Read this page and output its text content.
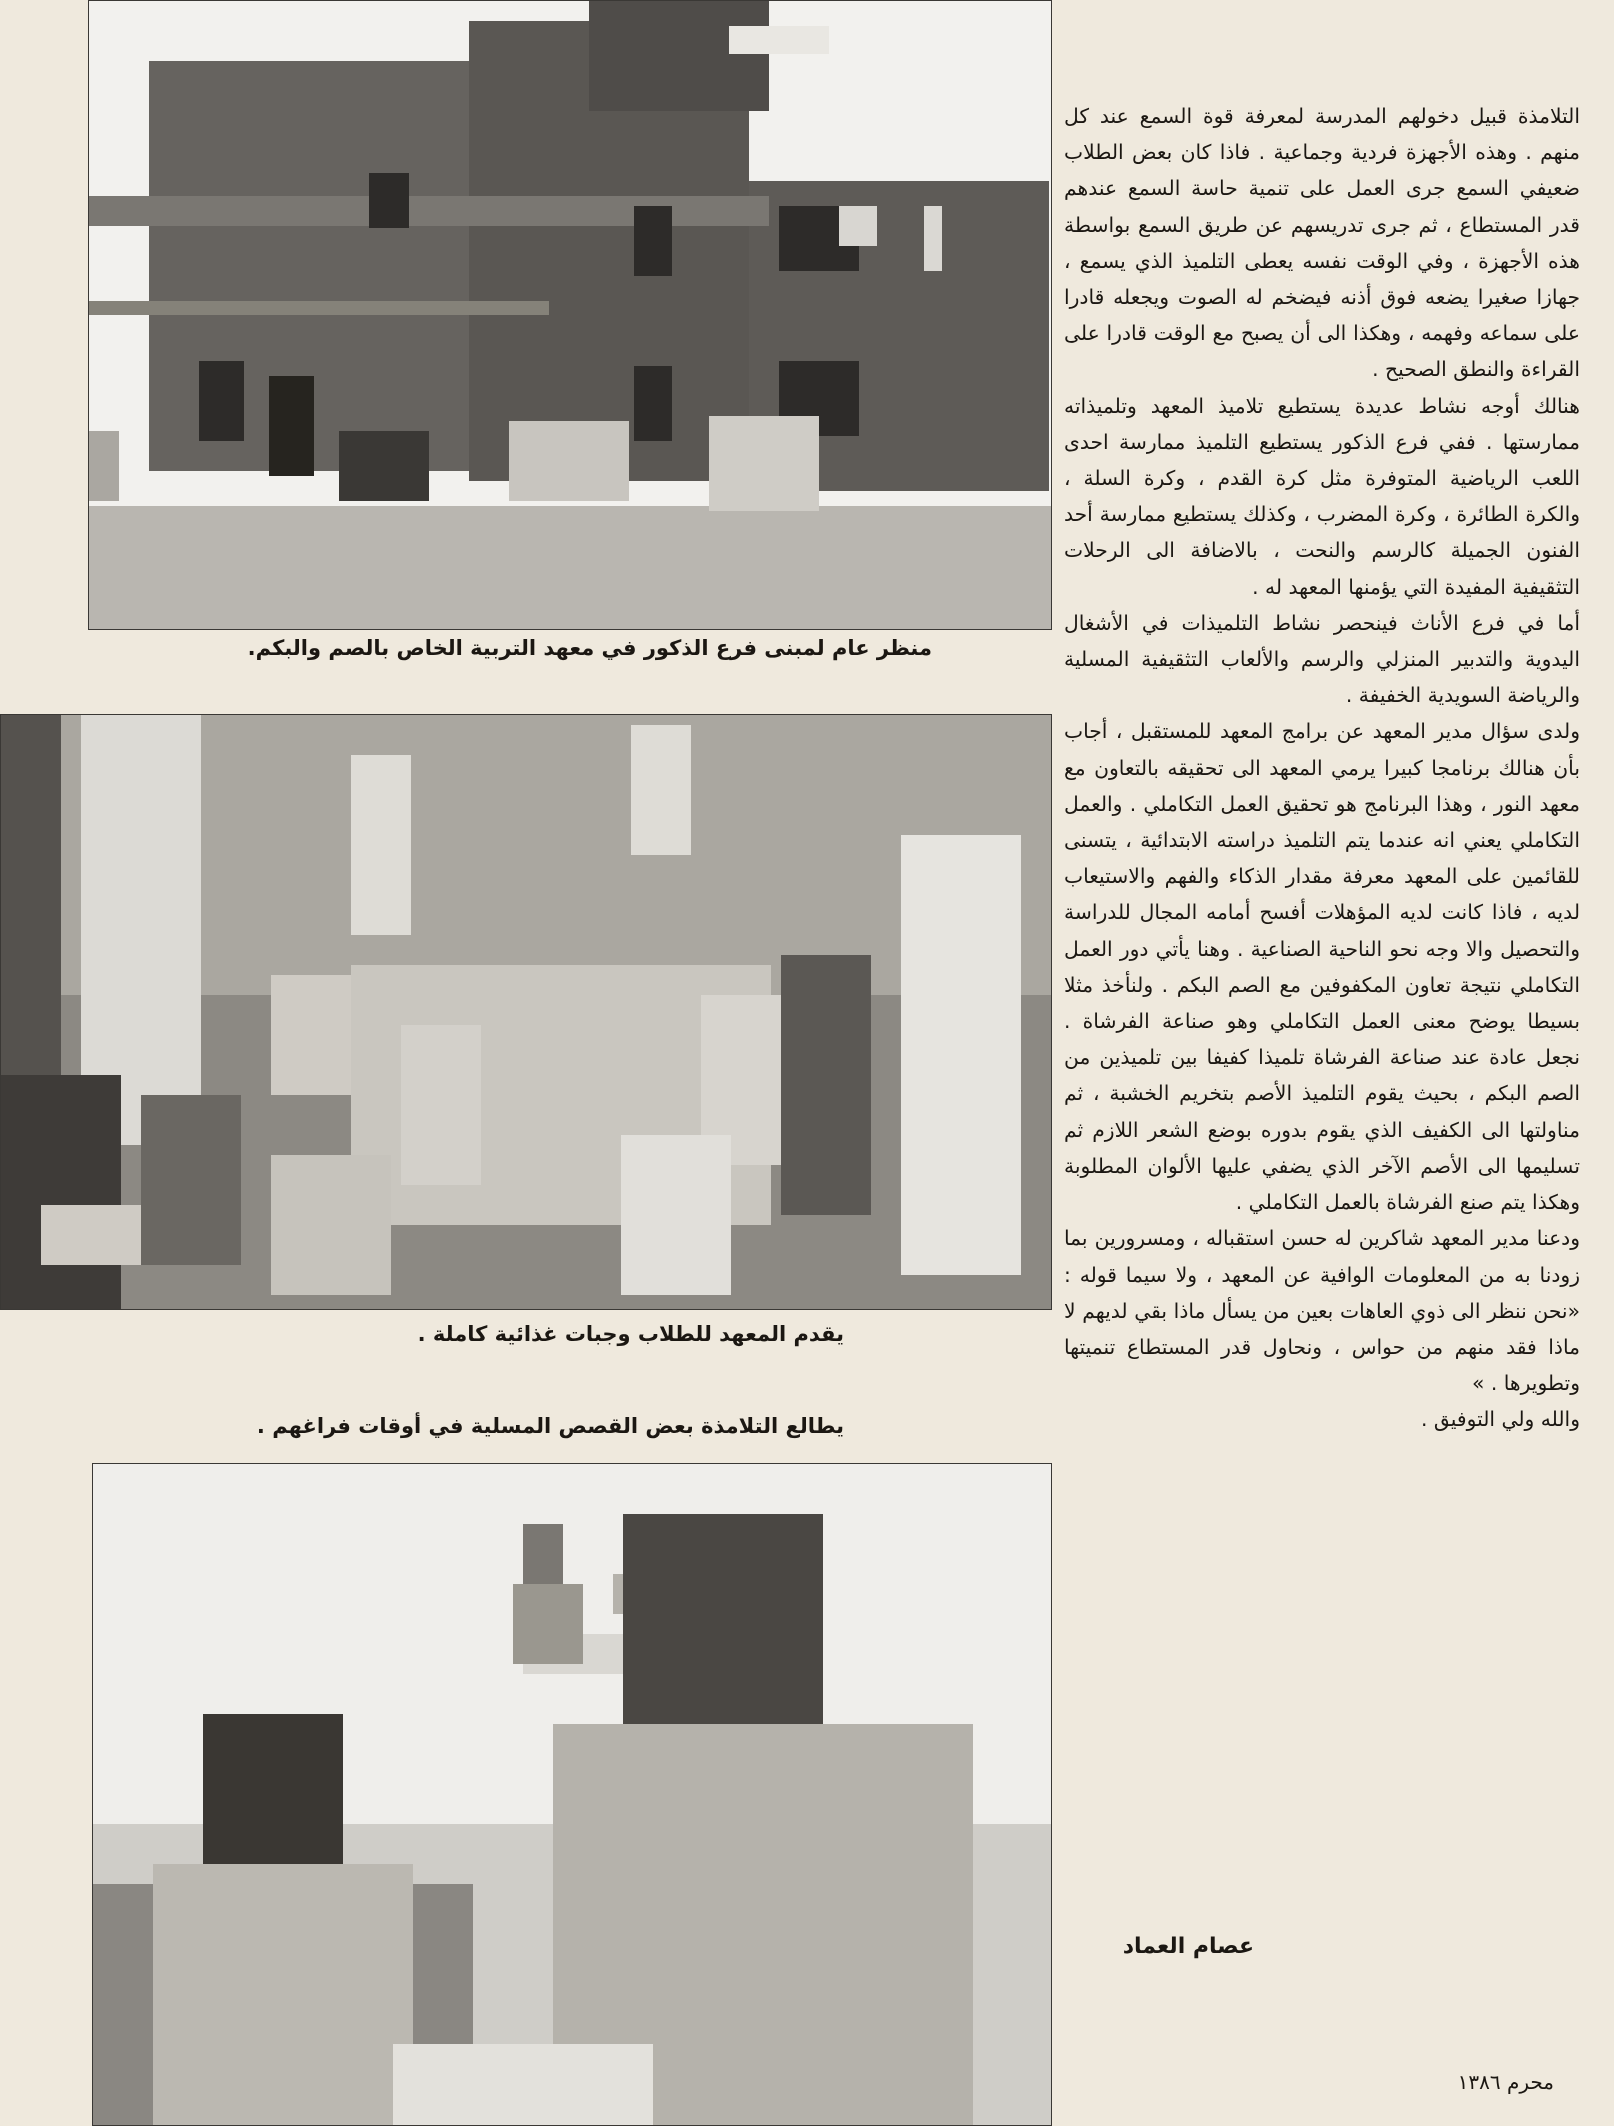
منظر عام لمبنى فرع الذكور في معهد التربية الخاص بالصم والبكم.
يقدم المعهد للطلاب وجبات غذائية كاملة .
يطالع التلامذة بعض القصص المسلية في أوقات فراغهم .

التلامذة قبيل دخولهم المدرسة لمعرفة قوة السمع عند كل منهم . وهذه الأجهزة فردية وجماعية . فاذا كان بعض الطلاب ضعيفي السمع جرى العمل على تنمية حاسة السمع عندهم قدر المستطاع ، ثم جرى تدريسهم عن طريق السمع بواسطة هذه الأجهزة ، وفي الوقت نفسه يعطى التلميذ الذي يسمع ، جهازا صغيرا يضعه فوق أذنه فيضخم له الصوت ويجعله قادرا على سماعه وفهمه ، وهكذا الى أن يصبح مع الوقت قادرا على القراءة والنطق الصحيح .

هنالك أوجه نشاط عديدة يستطيع تلاميذ المعهد وتلميذاته ممارستها . ففي فرع الذكور يستطيع التلميذ ممارسة احدى اللعب الرياضية المتوفرة مثل كرة القدم ، وكرة السلة ، والكرة الطائرة ، وكرة المضرب ، وكذلك يستطيع ممارسة أحد الفنون الجميلة كالرسم والنحت ، بالاضافة الى الرحلات التثقيفية المفيدة التي يؤمنها المعهد له .

أما في فرع الأناث فينحصر نشاط التلميذات في الأشغال اليدوية والتدبير المنزلي والرسم والألعاب التثقيفية المسلية والرياضة السويدية الخفيفة .

ولدى سؤال مدير المعهد عن برامج المعهد للمستقبل ، أجاب بأن هنالك برنامجا كبيرا يرمي المعهد الى تحقيقه بالتعاون مع معهد النور ، وهذا البرنامج هو تحقيق العمل التكاملي . والعمل التكاملي يعني انه عندما يتم التلميذ دراسته الابتدائية ، يتسنى للقائمين على المعهد معرفة مقدار الذكاء والفهم والاستيعاب لديه ، فاذا كانت لديه المؤهلات أفسح أمامه المجال للدراسة والتحصيل والا وجه نحو الناحية الصناعية . وهنا يأتي دور العمل التكاملي نتيجة تعاون المكفوفين مع الصم البكم . ولنأخذ مثلا بسيطا يوضح معنى العمل التكاملي وهو صناعة الفرشاة . نجعل عادة عند صناعة الفرشاة تلميذا كفيفا بين تلميذين من الصم البكم ، بحيث يقوم التلميذ الأصم بتخريم الخشبة ، ثم مناولتها الى الكفيف الذي يقوم بدوره بوضع الشعر اللازم ثم تسليمها الى الأصم الآخر الذي يضفي عليها الألوان المطلوبة وهكذا يتم صنع الفرشاة بالعمل التكاملي .

ودعنا مدير المعهد شاكرين له حسن استقباله ، ومسرورين بما زودنا به من المعلومات الوافية عن المعهد ، ولا سيما قوله : «نحن ننظر الى ذوي العاهات بعين من يسأل ماذا بقي لديهم لا ماذا فقد منهم من حواس ، ونحاول قدر المستطاع تنميتها وتطويرها . »

والله ولي التوفيق .

عصام العماد
محرم ١٣٨٦
